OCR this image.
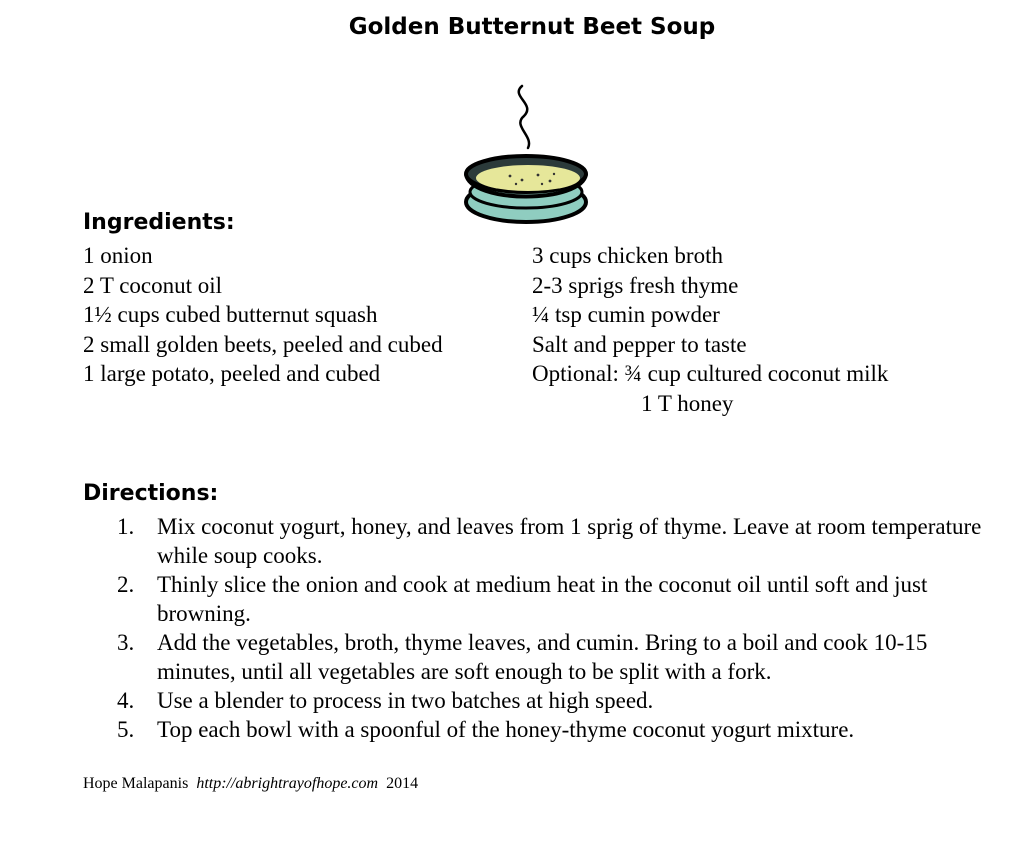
Golden Butternut Beet Soup
Ingredients:
1 onion
2 T coconut oil
1½ cups cubed butternut squash
2 small golden beets, peeled and cubed
1 large potato, peeled and cubed
3 cups chicken broth
2-3 sprigs fresh thyme
¼ tsp cumin powder
Salt and pepper to taste
Optional: ¾ cup cultured coconut milk
1 T honey
Directions:
1. Mix coconut yogurt, honey, and leaves from 1 sprig of thyme. Leave at room temperature while soup cooks.
2. Thinly slice the onion and cook at medium heat in the coconut oil until soft and just browning.
3. Add the vegetables, broth, thyme leaves, and cumin. Bring to a boil and cook 10-15 minutes, until all vegetables are soft enough to be split with a fork.
4. Use a blender to process in two batches at high speed.
5. Top each bowl with a spoonful of the honey-thyme coconut yogurt mixture.
Hope Malapanis http://abrightrayofhope.com 2014
